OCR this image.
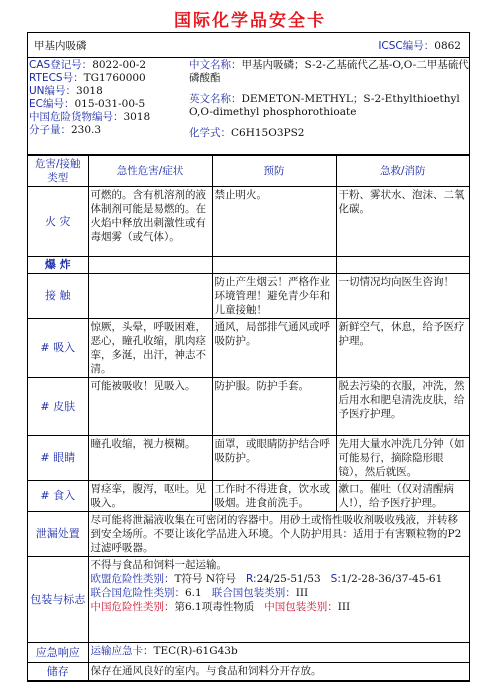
国际化学品安全卡
甲基内吸磷	ICSC编号：0862
CAS登记号：8022-00-2
RTECS号：TG1760000
UN编号：3018
EC编号：015-031-00-5
中国危险货物编号：3018
分子量：230.3
中文名称：甲基内吸磷；S-2-乙基硫代乙基-O,O-二甲基硫代磷酸酯
英文名称：DEMETON-METHYL；S-2-Ethylthioethyl O,O-dimethyl phosphorothioate
化学式：C6H15O3PS2
危害/接触类型	急性危害/症状	预防	急救/消防
火 灾	可燃的。含有机溶剂的液体制剂可能是易燃的。在火焰中释放出刺激性或有毒烟雾（或气体）。	禁止明火。	干粉、雾状水、泡沫、二氧化碳。
爆 炸			
接 触		防止产生烟云！严格作业环境管理！避免青少年和儿童接触！	一切情况均向医生咨询！
# 吸入	惊厥，头晕，呼吸困难，恶心，瞳孔收缩，肌肉痉挛，多涎，出汗，神志不清。	通风，局部排气通风或呼吸防护。	新鲜空气，休息，给予医疗护理。
# 皮肤	可能被吸收！见吸入。	防护服。防护手套。	脱去污染的衣服，冲洗，然后用水和肥皂清洗皮肤，给予医疗护理。
# 眼睛	瞳孔收缩，视力模糊。	面罩，或眼睛防护结合呼吸防护。	先用大量水冲洗几分钟（如可能易行，摘除隐形眼镜），然后就医。
# 食入	胃痉挛，腹泻，呕吐。见吸入。	工作时不得进食，饮水或吸烟。进食前洗手。	漱口。催吐（仅对清醒病人!），给予医疗护理。
泄漏处置	尽可能将泄漏液收集在可密闭的容器中。用砂土或惰性吸收剂吸收残液，并转移到安全场所。不要让该化学品进入环境。个人防护用具：适用于有害颗粒物的P2过滤呼吸器。		
包装与标志	不得与食品和饲料一起运输。

欧盟危险性类别：T符号 N符号 R:24/25-51/53 S:1/2-28-36/37-45-61

联合国危险性类别：6.1 联合国包装类别：III

中国危险性类别：第6.1项毒性物质 中国包装类别：III		

应急响应	运输应急卡：TEC(R)-61G43b		
储存	保存在通风良好的室内。与食品和饲料分开存放。		
